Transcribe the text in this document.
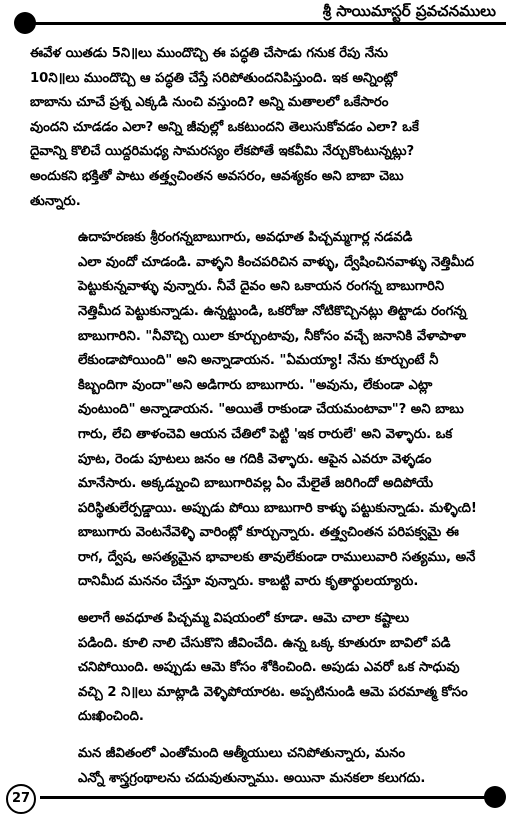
శ్రీ సాయిమాస్టర్ ప్రవచనములు
ఈవేళ యితడు 5ని॥లు ముందొచ్చి ఈ పద్ధతి చేసాడు గనుక రేపు నేను
10ని॥లు ముందొచ్చి ఆ పద్ధతి చేస్తే సరిపోతుందనిపిస్తుంది. ఇక అన్నింట్లో
బాబాను చూచే ప్రశ్న ఎక్కడి నుంచి వస్తుంది? అన్ని మతాలలో ఒకేసారం
వుందని చూడడం ఎలా? అన్ని జీవుల్లో ఒకటుందని తెలుసుకోవడం ఎలా? ఒకే
దైవాన్ని కొలిచే యిద్దరిమధ్య సామరస్యం లేకపోతే ఇకవీమి నేర్చుకొంటున్నట్లు?
అందుకని భక్తితో పాటు తత్త్వచింతన అవసరం, ఆవశ్యకం అని బాబా చెబు
తున్నారు.
ఉదాహరణకు శ్రీరంగన్నబాబుగారు, అవధూత పిచ్చమ్మగార్ల నడవడి
ఎలా వుందో చూడండి. వాళ్ళని కించపరిచిన వాళ్ళు, ద్వేషించినవాళ్ళు నెత్తిమీద
పెట్టుకున్నవాళ్ళు వున్నారు. నీవే దైవం అని ఒకాయన రంగన్న బాబుగారిని
నెత్తిమీద పెట్టుకున్నాడు. ఉన్నట్టుండి, ఒకరోజు నోటికొచ్చినట్లు తిట్టాడు రంగన్న
బాబుగారిని. "నీవొచ్చి యిలా కూర్చుంటావు, నీకోసం వచ్చే జనానికి వేళాపాళా
లేకుండాపోయింది" అని అన్నాడాయన. "ఏమయ్యా! నేను కూర్చుంటే నీ
కిబ్బందిగా వుందా"అని అడిగారు బాబుగారు. "అవును, లేకుండా ఎట్లా
వుంటుంది" అన్నాడాయన. "అయితే రాకుండా చేయమంటావా"? అని బాబు
గారు, లేచి తాళంచెవి ఆయన చేతిలో పెట్టి 'ఇక రారులే' అని వెళ్ళారు. ఒక
పూట, రెండు పూటలు జనం ఆ గదికి వెళ్ళారు. ఆపైన ఎవరూ వెళ్ళడం
మానేసారు. అక్కడ్నుంచి బాబుగారివల్ల ఏం మేలైతే జరిగిందో అదిపోయే
పరిస్థితులేర్పడ్డాయి. అప్పుడు పోయి బాబుగారి కాళ్ళు పట్టుకున్నాడు. మళ్ళిఁది!
బాబుగారు వెంటనేవెళ్ళి వారింట్లో కూర్చున్నారు. తత్త్వచింతన పరిపక్వమై ఈ
రాగ, ద్వేష, అసత్యమైన భావాలకు తావులేకుండా రాములువారి సత్యము, అనే
దానిమీద మననం చేస్తూ వున్నారు. కాబట్టి వారు కృతార్థులయ్యారు.
అలాగే అవధూత పిచ్చమ్మ విషయంలో కూడా. ఆమె చాలా కష్టాలు
పడింది. కూలి నాలి చేసుకొని జీవించేది. ఉన్న ఒక్క కూతురూ బావిలో పడి
చనిపోయింది. అప్పుడు ఆమె కోసం శోకించింది. అపుడు ఎవరో ఒక సాధువు
వచ్చి 2 ని॥లు మాట్లాడి వెళ్ళిపోయారట. అప్పటినుండి ఆమె పరమాత్మ కోసం
దుఃఖించింది.
మన జీవితంలో ఎంతోమంది ఆత్మీయులు చనిపోతున్నారు, మనం
ఎన్నో శాస్త్రగ్రంథాలను చదువుతున్నాము. అయినా మనకలా కలుగదు.
27
